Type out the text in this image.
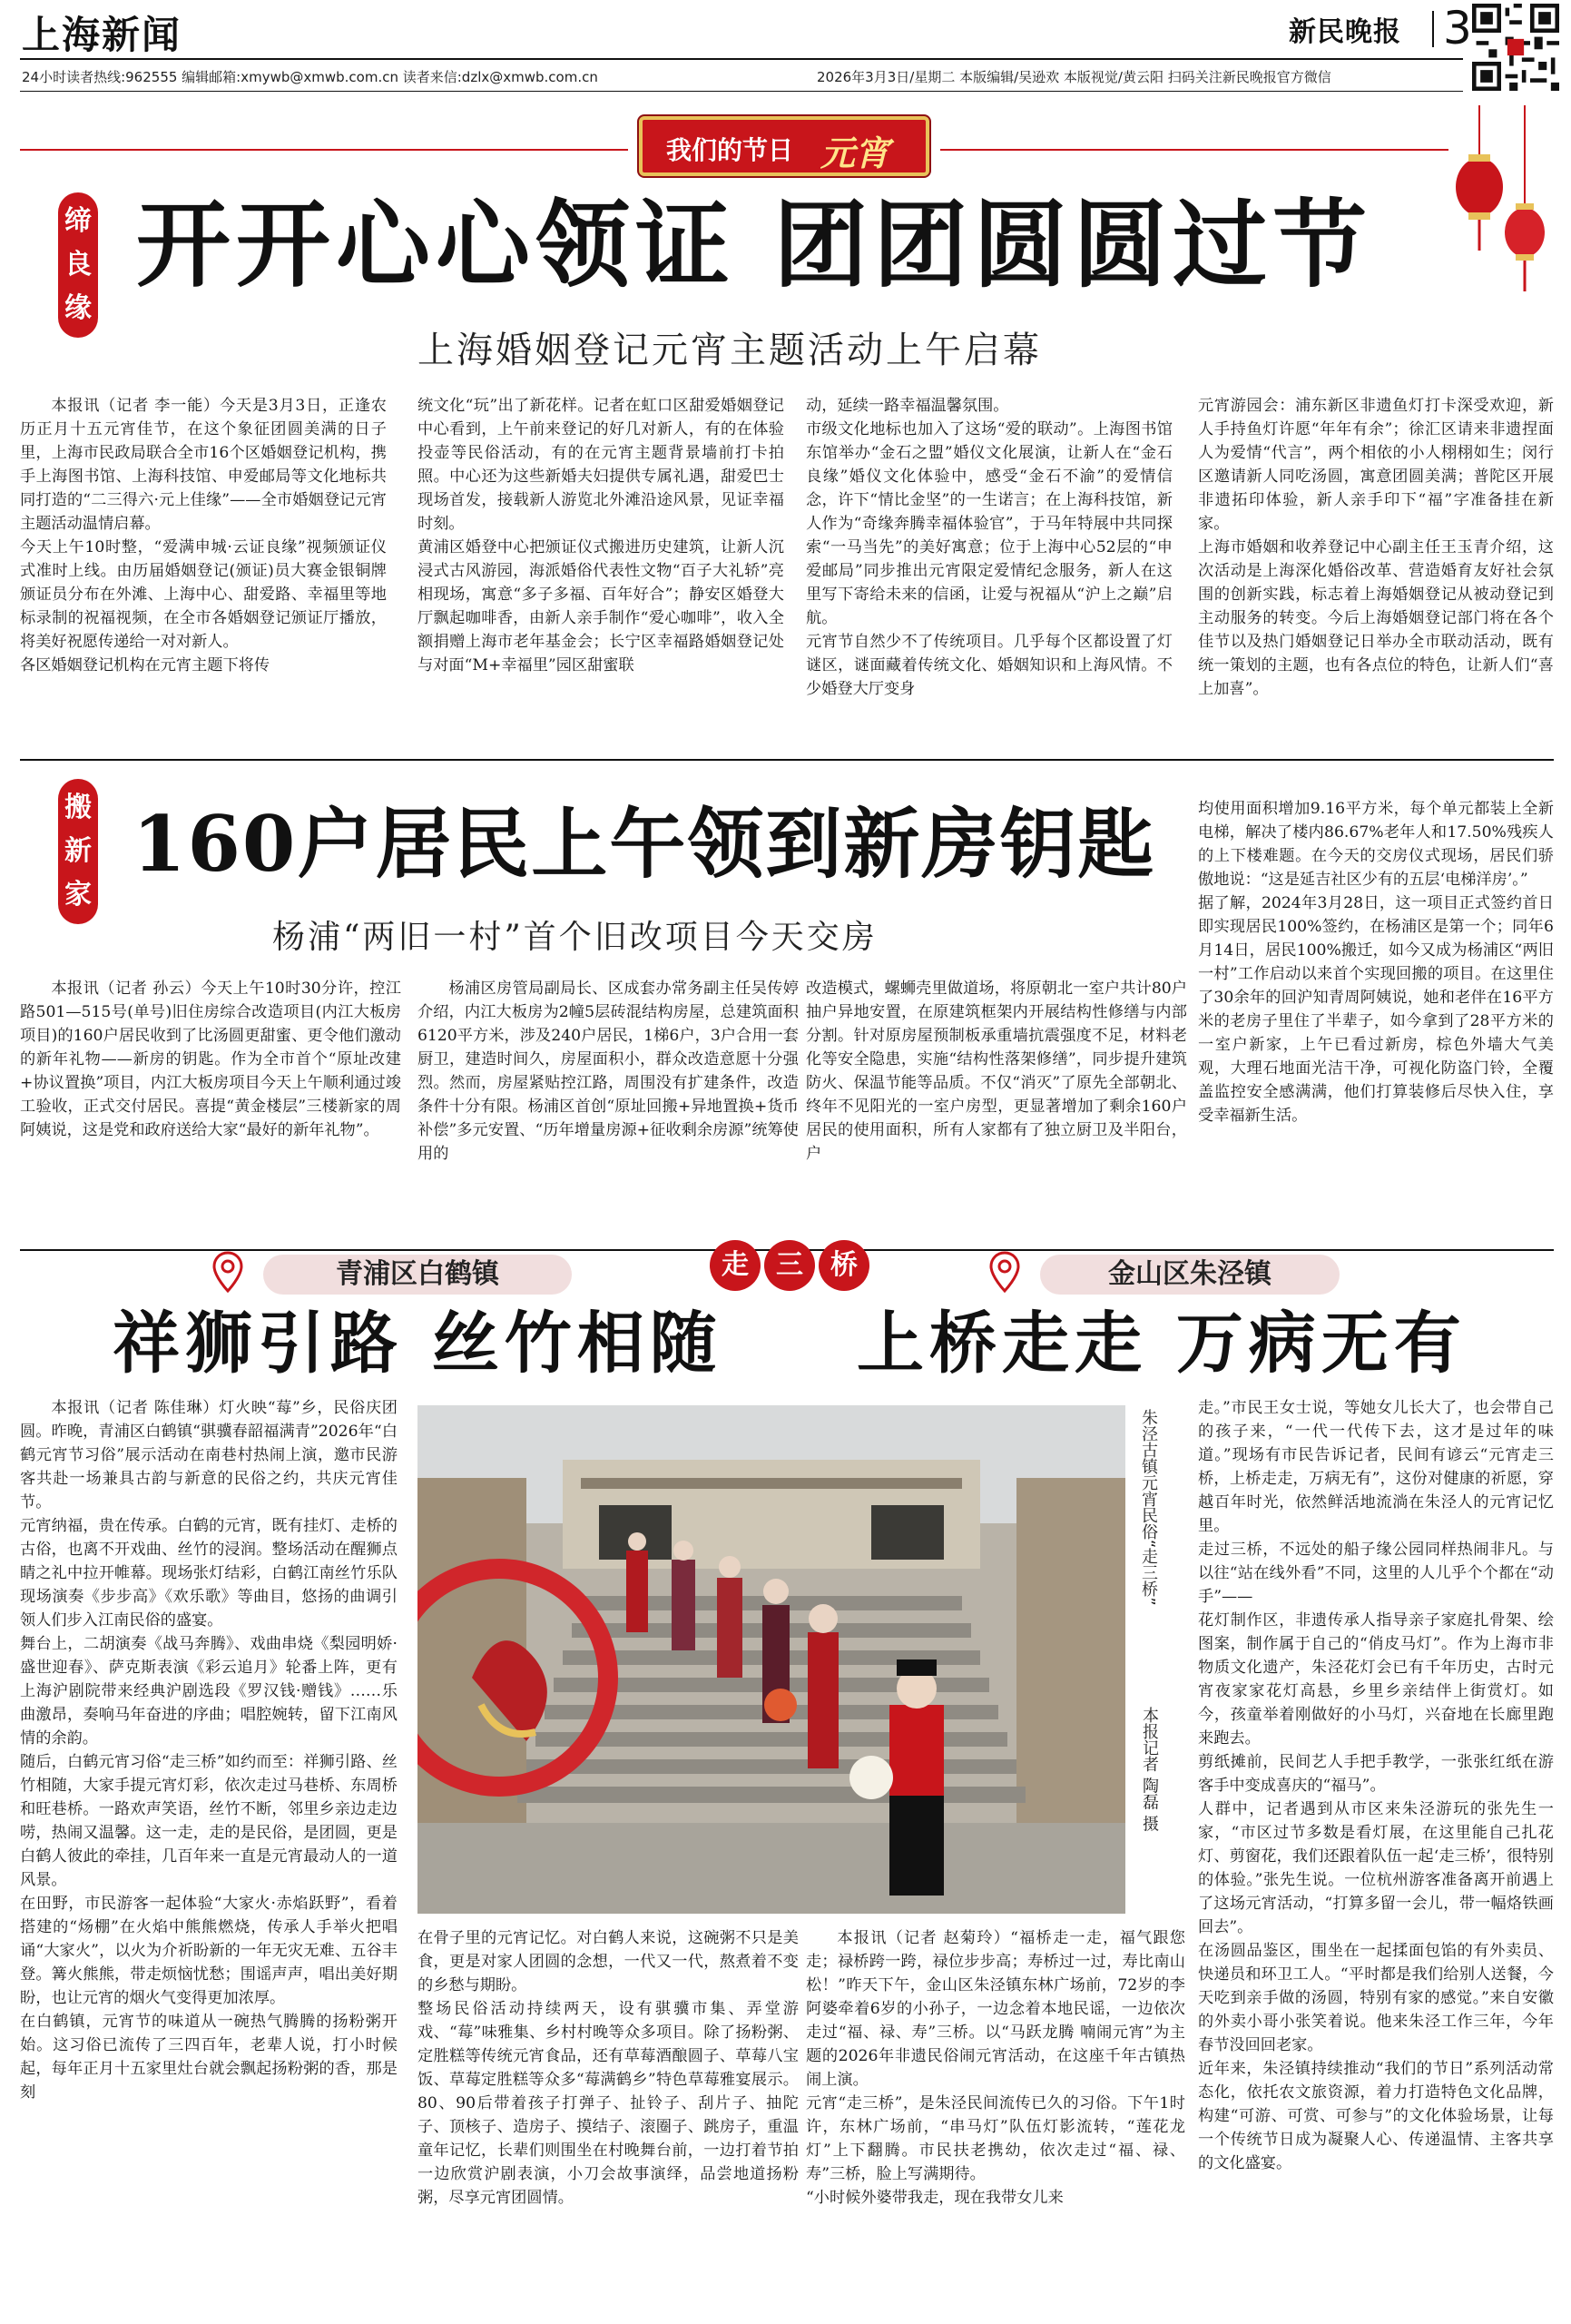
上海新闻	新民晚报 3
24小时读者热线:962555 编辑邮箱:xmywb@xmwb.com.cn 读者来信:dzlx@xmwb.com.cn	2026年3月3日/星期二 本版编辑/吴逊欢 本版视觉/黄云阳 扫码关注新民晚报官方微信
我们的节日 元宵
缔
良
缘
开开心心领证 团团圆圆过节
上海婚姻登记元宵主题活动上午启幕

本报讯（记者 李一能）今天是3月3日，正逢农历正月十五元宵佳节，在这个象征团圆美满的日子里，上海市民政局联合全市16个区婚姻登记机构，携手上海图书馆、上海科技馆、申爱邮局等文化地标共同打造的“二三得六·元上佳缘”——全市婚姻登记元宵主题活动温情启幕。
今天上午10时整，“爱满申城·云证良缘”视频颁证仪式准时上线。由历届婚姻登记(颁证)员大赛金银铜牌颁证员分布在外滩、上海中心、甜爱路、幸福里等地标录制的祝福视频，在全市各婚姻登记颁证厅播放，将美好祝愿传递给一对对新人。
各区婚姻登记机构在元宵主题下将传

统文化“玩”出了新花样。记者在虹口区甜爱婚姻登记中心看到，上午前来登记的好几对新人，有的在体验投壶等民俗活动，有的在元宵主题背景墙前打卡拍照。中心还为这些新婚夫妇提供专属礼遇，甜爱巴士现场首发，接载新人游览北外滩沿途风景，见证幸福时刻。
黄浦区婚登中心把颁证仪式搬进历史建筑，让新人沉浸式古风游园，海派婚俗代表性文物“百子大礼轿”亮相现场，寓意“多子多福、百年好合”；静安区婚登大厅飘起咖啡香，由新人亲手制作“爱心咖啡”，收入全额捐赠上海市老年基金会；长宁区幸福路婚姻登记处与对面“M+幸福里”园区甜蜜联

动，延续一路幸福温馨氛围。
市级文化地标也加入了这场“爱的联动”。上海图书馆东馆举办“金石之盟”婚仪文化展演，让新人在“金石良缘”婚仪文化体验中，感受“金石不渝”的爱情信念，许下“情比金坚”的一生诺言；在上海科技馆，新人作为“奇缘奔腾幸福体验官”，于马年特展中共同探索“一马当先”的美好寓意；位于上海中心52层的“申爱邮局”同步推出元宵限定爱情纪念服务，新人在这里写下寄给未来的信函，让爱与祝福从“沪上之巅”启航。
元宵节自然少不了传统项目。几乎每个区都设置了灯谜区，谜面藏着传统文化、婚姻知识和上海风情。不少婚登大厅变身

元宵游园会：浦东新区非遗鱼灯打卡深受欢迎，新人手持鱼灯许愿“年年有余”；徐汇区请来非遗捏面人为爱情“代言”，两个相依的小人栩栩如生；闵行区邀请新人同吃汤圆，寓意团圆美满；普陀区开展非遗拓印体验，新人亲手印下“福”字准备挂在新家。
上海市婚姻和收养登记中心副主任王玉青介绍，这次活动是上海深化婚俗改革、营造婚育友好社会氛围的创新实践，标志着上海婚姻登记从被动登记到主动服务的转变。今后上海婚姻登记部门将在各个佳节以及热门婚姻登记日举办全市联动活动，既有统一策划的主题，也有各点位的特色，让新人们“喜上加喜”。

搬
新
家
160户居民上午领到新房钥匙
杨浦“两旧一村”首个旧改项目今天交房

本报讯（记者 孙云）今天上午10时30分许，控江路501—515号(单号)旧住房综合改造项目(内江大板房项目)的160户居民收到了比汤圆更甜蜜、更令他们激动的新年礼物——新房的钥匙。作为全市首个“原址改建+协议置换”项目，内江大板房项目今天上午顺利通过竣工验收，正式交付居民。喜提“黄金楼层”三楼新家的周阿姨说，这是党和政府送给大家“最好的新年礼物”。

杨浦区房管局副局长、区成套办常务副主任吴传婷介绍，内江大板房为2幢5层砖混结构房屋，总建筑面积6120平方米，涉及240户居民，1梯6户，3户合用一套厨卫，建造时间久，房屋面积小，群众改造意愿十分强烈。然而，房屋紧贴控江路，周围没有扩建条件，改造条件十分有限。杨浦区首创“原址回搬+异地置换+货币补偿”多元安置、“历年增量房源+征收剩余房源”统筹使用的

改造模式，螺蛳壳里做道场，将原朝北一室户共计80户抽户异地安置，在原建筑框架内开展结构性修缮与内部分割。针对原房屋预制板承重墙抗震强度不足，材料老化等安全隐患，实施“结构性落架修缮”，同步提升建筑防火、保温节能等品质。不仅“消灭”了原先全部朝北、终年不见阳光的一室户房型，更显著增加了剩余160户居民的使用面积，所有人家都有了独立厨卫及半阳台，户

均使用面积增加9.16平方米，每个单元都装上全新电梯，解决了楼内86.67%老年人和17.50%残疾人的上下楼难题。在今天的交房仪式现场，居民们骄傲地说：“这是延吉社区少有的五层‘电梯洋房’。”
据了解，2024年3月28日，这一项目正式签约首日即实现居民100%签约，在杨浦区是第一个；同年6月14日，居民100%搬迁，如今又成为杨浦区“两旧一村”工作启动以来首个实现回搬的项目。在这里住了30余年的回沪知青周阿姨说，她和老伴在16平方米的老房子里住了半辈子，如今拿到了28平方米的一室户新家，上午已看过新房，棕色外墙大气美观，大理石地面光洁干净，可视化防盗门铃，全覆盖监控安全感满满，他们打算装修后尽快入住，享受幸福新生活。

走	三	桥
青浦区白鹤镇	金山区朱泾镇
祥狮引路 丝竹相随 上桥走走 万病无有

本报讯（记者 陈佳琳）灯火映“莓”乡，民俗庆团圆。昨晚，青浦区白鹤镇“骐骥春韶福满青”2026年“白鹤元宵节习俗”展示活动在南巷村热闹上演，邀市民游客共赴一场兼具古韵与新意的民俗之约，共庆元宵佳节。
元宵纳福，贵在传承。白鹤的元宵，既有挂灯、走桥的古俗，也离不开戏曲、丝竹的浸润。整场活动在醒狮点睛之礼中拉开帷幕。现场张灯结彩，白鹤江南丝竹乐队现场演奏《步步高》《欢乐歌》等曲目，悠扬的曲调引领人们步入江南民俗的盛宴。
舞台上，二胡演奏《战马奔腾》、戏曲串烧《梨园明娇·盛世迎春》、萨克斯表演《彩云追月》轮番上阵，更有上海沪剧院带来经典沪剧选段《罗汉钱·赠钱》……乐曲激昂，奏响马年奋进的序曲；唱腔婉转，留下江南风情的余韵。
随后，白鹤元宵习俗“走三桥”如约而至：祥狮引路、丝竹相随，大家手提元宵灯彩，依次走过马巷桥、东周桥和旺巷桥。一路欢声笑语，丝竹不断，邻里乡亲边走边唠，热闹又温馨。这一走，走的是民俗，是团圆，更是白鹤人彼此的牵挂，几百年来一直是元宵最动人的一道风景。
在田野，市民游客一起体验“大家火·赤焰跃野”，看着搭建的“炀棚”在火焰中熊熊燃烧，传承人手举火把唱诵“大家火”，以火为介祈盼新的一年无灾无难、五谷丰登。篝火熊熊，带走烦恼忧愁；围谣声声，唱出美好期盼，也让元宵的烟火气变得更加浓厚。
在白鹤镇，元宵节的味道从一碗热气腾腾的扬粉粥开始。这习俗已流传了三四百年，老辈人说，打小时候起，每年正月十五家里灶台就会飘起扬粉粥的香，那是刻

朱泾古镇元宵民俗“走三桥”
本报记者 陶磊 摄

在骨子里的元宵记忆。对白鹤人来说，这碗粥不只是美食，更是对家人团圆的念想，一代又一代，熬煮着不变的乡愁与期盼。
整场民俗活动持续两天，设有骐骥市集、弄堂游戏、“莓”味雅集、乡村村晚等众多项目。除了扬粉粥、定胜糕等传统元宵食品，还有草莓酒酿圆子、草莓八宝饭、草莓定胜糕等众多“莓满鹤乡”特色草莓雅宴展示。80、90后带着孩子打弹子、扯铃子、刮片子、抽陀子、顶核子、造房子、摸结子、滚圈子、跳房子，重温童年记忆，长辈们则围坐在村晚舞台前，一边打着节拍一边欣赏沪剧表演，小刀会故事演绎，品尝地道扬粉粥，尽享元宵团圆情。

本报讯（记者 赵菊玲）“福桥走一走，福气跟您走；禄桥跨一跨，禄位步步高；寿桥过一过，寿比南山松！”昨天下午，金山区朱泾镇东林广场前，72岁的李阿婆牵着6岁的小孙子，一边念着本地民谣，一边依次走过“福、禄、寿”三桥。以“马跃龙腾 喃闹元宵”为主题的2026年非遗民俗闹元宵活动，在这座千年古镇热闹上演。
元宵“走三桥”，是朱泾民间流传已久的习俗。下午1时许，东林广场前，“串马灯”队伍灯影流转，“莲花龙灯”上下翻腾。市民扶老携幼，依次走过“福、禄、寿”三桥，脸上写满期待。
“小时候外婆带我走，现在我带女儿来

走。”市民王女士说，等她女儿长大了，也会带自己的孩子来，“一代一代传下去，这才是过年的味道。”现场有市民告诉记者，民间有谚云“元宵走三桥，上桥走走，万病无有”，这份对健康的祈愿，穿越百年时光，依然鲜活地流淌在朱泾人的元宵记忆里。
走过三桥，不远处的船子缘公园同样热闹非凡。与以往“站在线外看”不同，这里的人儿乎个个都在“动手”——
花灯制作区，非遗传承人指导亲子家庭扎骨架、绘图案，制作属于自己的“俏皮马灯”。作为上海市非物质文化遗产，朱泾花灯会已有千年历史，古时元宵夜家家花灯高悬，乡里乡亲结伴上街赏灯。如今，孩童举着刚做好的小马灯，兴奋地在长廊里跑来跑去。
剪纸摊前，民间艺人手把手教学，一张张红纸在游客手中变成喜庆的“福马”。
人群中，记者遇到从市区来朱泾游玩的张先生一家，“市区过节多数是看灯展，在这里能自己扎花灯、剪窗花，我们还跟着队伍一起‘走三桥’，很特别的体验。”张先生说。一位杭州游客准备离开前遇上了这场元宵活动，“打算多留一会儿，带一幅烙铁画回去”。
在汤圆品鉴区，围坐在一起揉面包馅的有外卖员、快递员和环卫工人。“平时都是我们给别人送餐，今天吃到亲手做的汤圆，特别有家的感觉。”来自安徽的外卖小哥小张笑着说。他来朱泾工作三年，今年春节没回回老家。
近年来，朱泾镇持续推动“我们的节日”系列活动常态化，依托农文旅资源，着力打造特色文化品牌，构建“可游、可赏、可参与”的文化体验场景，让每一个传统节日成为凝聚人心、传递温情、主客共享的文化盛宴。
